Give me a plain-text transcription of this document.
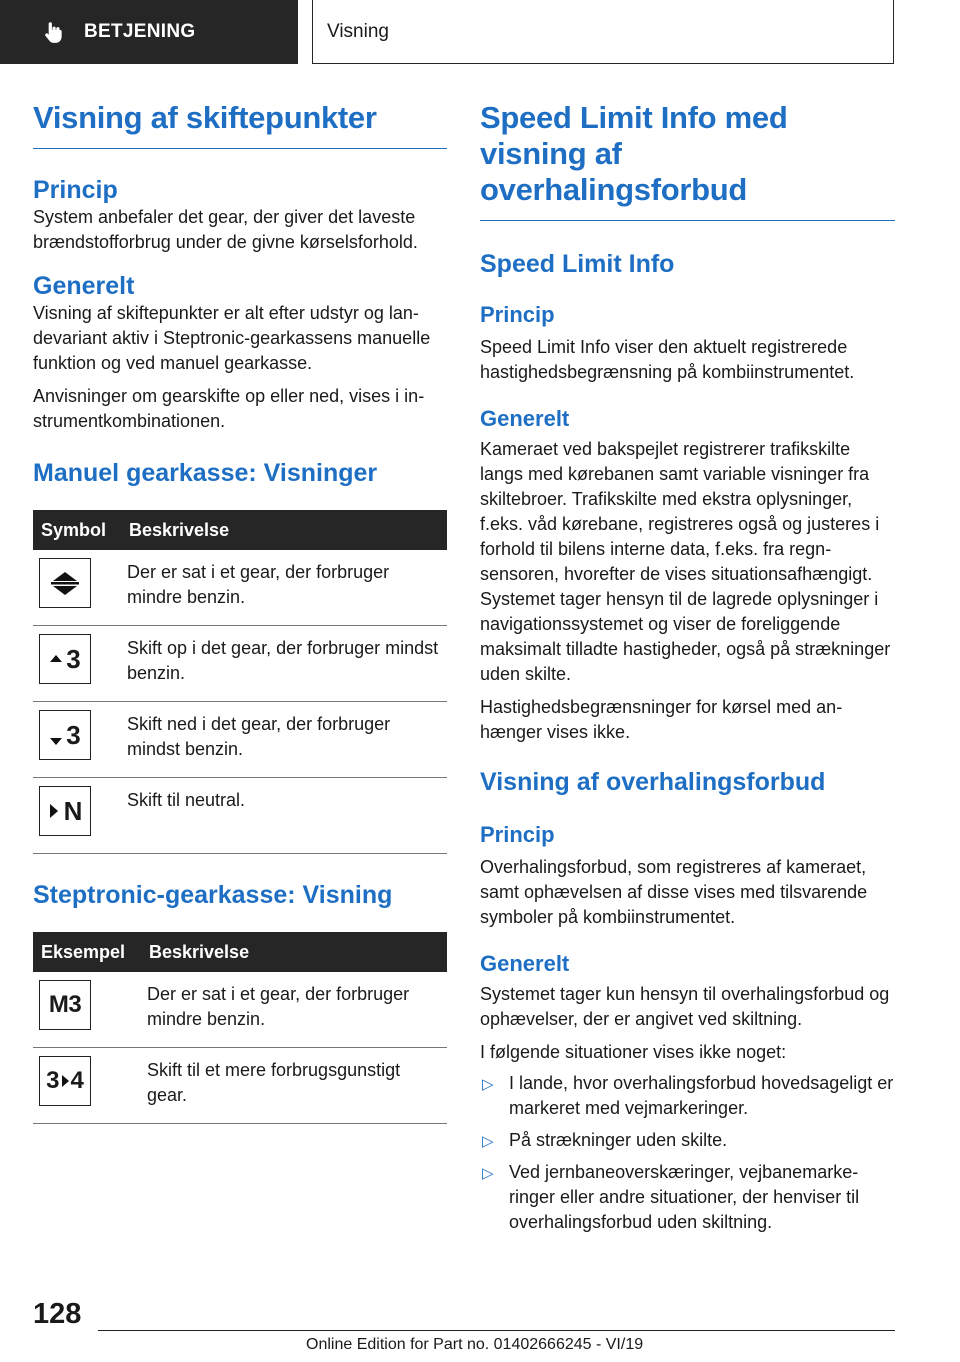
BETJENING	Visning
Visning af skiftepunkter
Princip

System anbefaler det gear, der giver det laveste brændstofforbrug under de givne kørselsforhold.

Generelt

Visning af skiftepunkter er alt efter udstyr og landevariant aktiv i Steptronic-gearkassens manuelle funktion og ved manuel gearkasse.

Anvisninger om gearskifte op eller ned, vises i instrumentkombinationen.

Manuel gearkasse: Visninger
Symbol	Beskrivelse

	Der er sat i et gear, der forbruger mindre benzin.

3	Skift op i det gear, der forbruger mindst benzin.

3	Skift ned i det gear, der forbruger mindst benzin.

N	Skift til neutral.
Steptronic-gearkasse: Visning
Eksempel	Beskrivelse

M3	Der er sat i et gear, der forbruger mindre benzin.

3 4	Skift til et mere forbrugsgunstigt gear.
Speed Limit Info med visning af overhalingsforbud
Speed Limit Info
Princip

Speed Limit Info viser den aktuelt registrerede hastighedsbegrænsning på kombiinstrumentet.

Generelt

Kameraet ved bakspejlet registrerer trafikskilte langs med kørebanen samt variable visninger fra skiltebroer. Trafikskilte med ekstra oplysninger, f.eks. våd kørebane, registreres også og justeres i forhold til bilens interne data, f.eks. fra regnsensoren, hvorefter de vises situationsafhængigt. Systemet tager hensyn til de lagrede oplysninger i navigationssystemet og viser de foreliggende maksimalt tilladte hastigheder, også på strækninger uden skilte.

Hastighedsbegrænsninger for kørsel med anhænger vises ikke.

Visning af overhalingsforbud
Princip

Overhalingsforbud, som registreres af kameraet, samt ophævelsen af disse vises med tilsvarende symboler på kombiinstrumentet.

Generelt

Systemet tager kun hensyn til overhalingsforbud og ophævelser, der er angivet ved skiltning.

I følgende situationer vises ikke noget:

▷ I lande, hvor overhalingsforbud hovedsageligt er markeret med vejmarkeringer.
▷ På strækninger uden skilte.
▷ Ved jernbaneoverskæringer, vejbanemarkeringer eller andre situationer, der henviser til overhalingsforbud uden skiltning.
128
Online Edition for Part no. 01402666245 - VI/19
